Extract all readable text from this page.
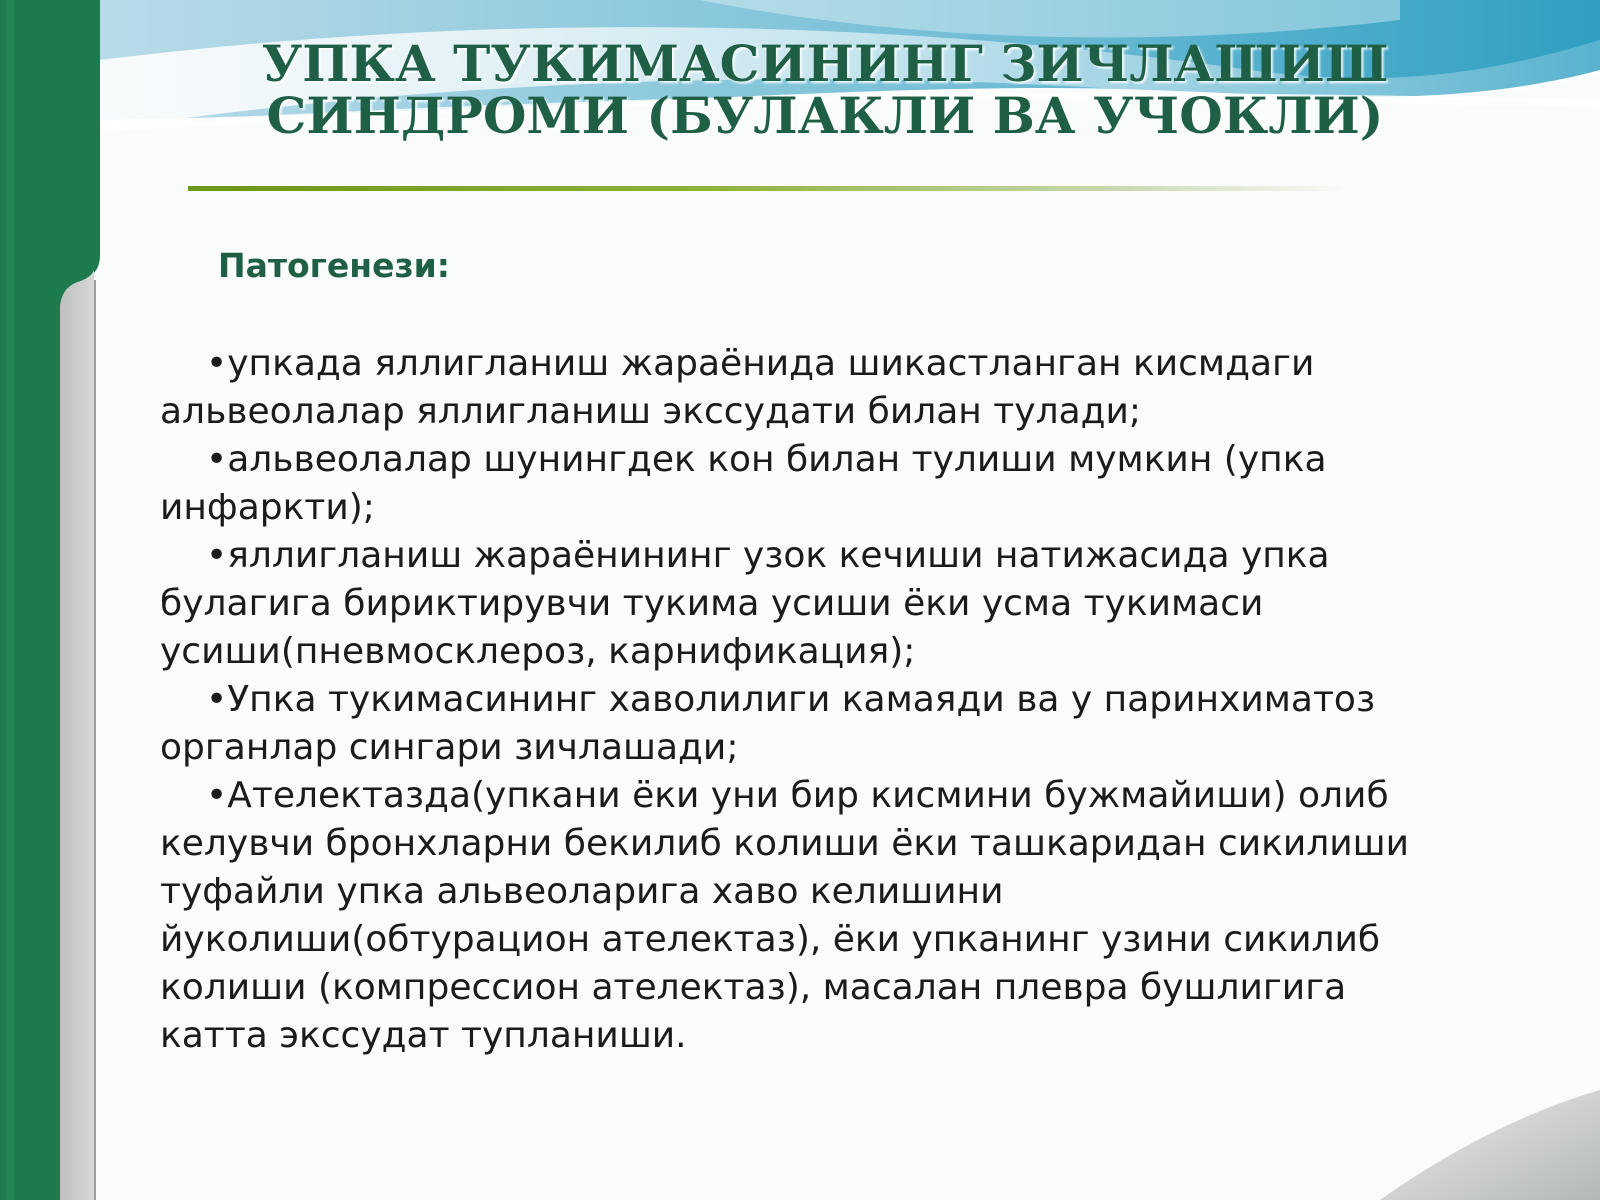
УПКА ТУКИМАСИНИНГ ЗИЧЛАШИШ
СИНДРОМИ (БУЛАКЛИ ВА УЧОКЛИ)
Патогенези:

•упкада яллигланиш жараёнида шикастланган кисмдаги альвеолалар яллигланиш экссудати билан тулади;

•альвеолалар шунингдек кон билан тулиши мумкин (упка инфаркти);

•яллигланиш жараёнининг узок кечиши натижасида упка булагига бириктирувчи тукима усиши ёки усма тукимаси усиши(пневмосклероз, карнификация);

•Упка тукимасининг хаволилиги камаяди ва у паринхиматоз органлар сингари зичлашади;

•Ателектазда(упкани ёки уни бир кисмини бужмайиши) олиб келувчи бронхларни бекилиб колиши ёки ташкаридан сикилиши туфайли упка альвеоларига хаво келишини йуколиши(обтурацион ателектаз), ёки упканинг узини сикилиб колиши (компрессион ателектаз), масалан плевра бушлигига катта экссудат тупланиши.
